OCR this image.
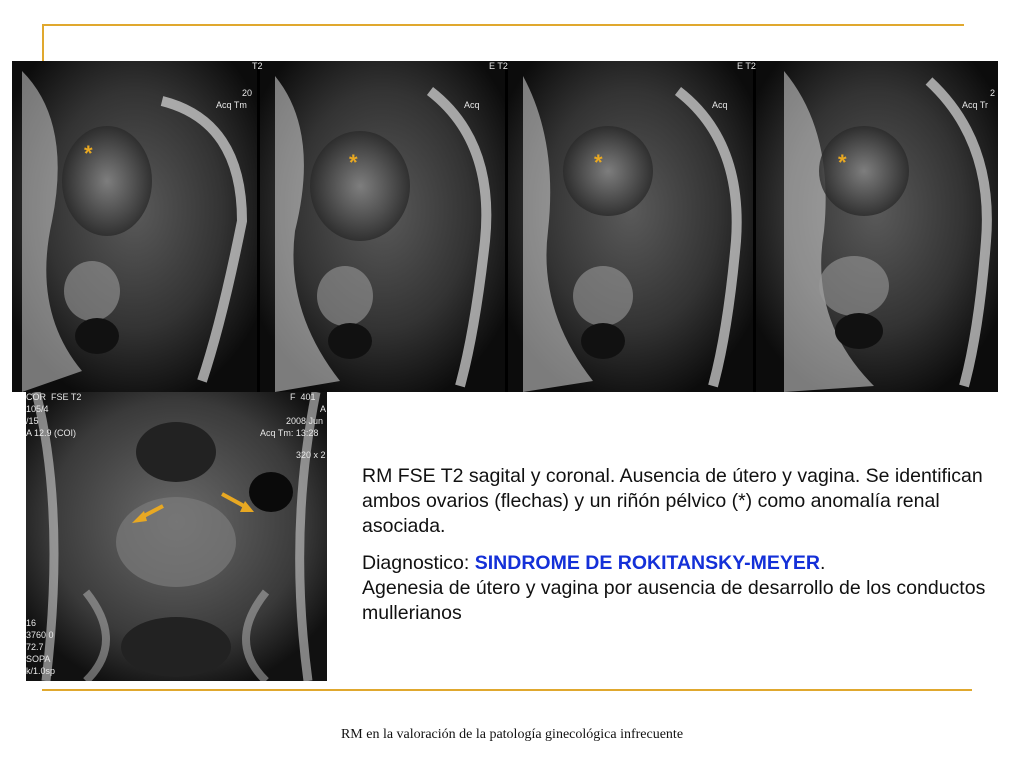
T2
20
Acq Tm	Acq
E T2
Acq
E T2
2
Acq Tr
*	*	*	*
COR  FSE T2
105/4
/15
A 12.9 (COI)
F  401
A
2008 Jun
Acq Tm: 13:28
320 x 2
16
3760 0
72.7
SOPA
k/1.0sp

RM FSE T2 sagital y coronal. Ausencia de útero y vagina. Se identifican ambos ovarios (flechas) y un riñón pélvico (*) como anomalía renal asociada.

Diagnostico: SINDROME DE ROKITANSKY-MEYER.
Agenesia de útero y vagina por ausencia de desarrollo de los conductos mullerianos

RM en la valoración de la patología ginecológica infrecuente
